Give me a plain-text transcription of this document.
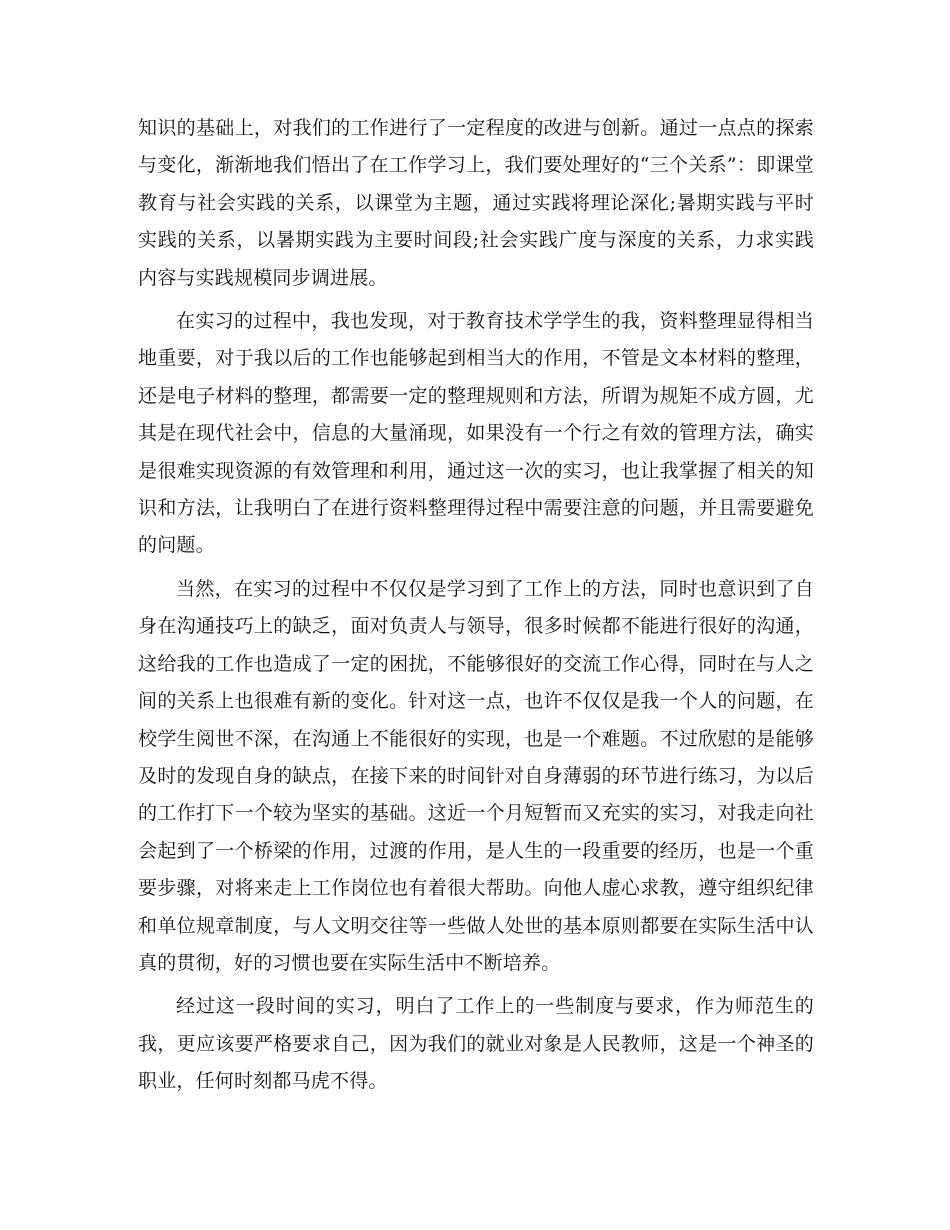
知识的基础上，对我们的工作进行了一定程度的改进与创新。通过一点点的探索与变化，渐渐地我们悟出了在工作学习上，我们要处理好的“三个关系”：即课堂教育与社会实践的关系，以课堂为主题，通过实践将理论深化;暑期实践与平时实践的关系，以暑期实践为主要时间段;社会实践广度与深度的关系，力求实践内容与实践规模同步调进展。

在实习的过程中，我也发现，对于教育技术学学生的我，资料整理显得相当地重要，对于我以后的工作也能够起到相当大的作用，不管是文本材料的整理，还是电子材料的整理，都需要一定的整理规则和方法，所谓为规矩不成方圆，尤其是在现代社会中，信息的大量涌现，如果没有一个行之有效的管理方法，确实是很难实现资源的有效管理和利用，通过这一次的实习，也让我掌握了相关的知识和方法，让我明白了在进行资料整理得过程中需要注意的问题，并且需要避免的问题。

当然，在实习的过程中不仅仅是学习到了工作上的方法，同时也意识到了自身在沟通技巧上的缺乏，面对负责人与领导，很多时候都不能进行很好的沟通，这给我的工作也造成了一定的困扰，不能够很好的交流工作心得，同时在与人之间的关系上也很难有新的变化。针对这一点，也许不仅仅是我一个人的问题，在校学生阅世不深，在沟通上不能很好的实现，也是一个难题。不过欣慰的是能够及时的发现自身的缺点，在接下来的时间针对自身薄弱的环节进行练习，为以后的工作打下一个较为坚实的基础。这近一个月短暂而又充实的实习，对我走向社会起到了一个桥梁的作用，过渡的作用，是人生的一段重要的经历，也是一个重要步骤，对将来走上工作岗位也有着很大帮助。向他人虚心求教，遵守组织纪律和单位规章制度，与人文明交往等一些做人处世的基本原则都要在实际生活中认真的贯彻，好的习惯也要在实际生活中不断培养。

经过这一段时间的实习，明白了工作上的一些制度与要求，作为师范生的我，更应该要严格要求自己，因为我们的就业对象是人民教师，这是一个神圣的职业，任何时刻都马虎不得。
